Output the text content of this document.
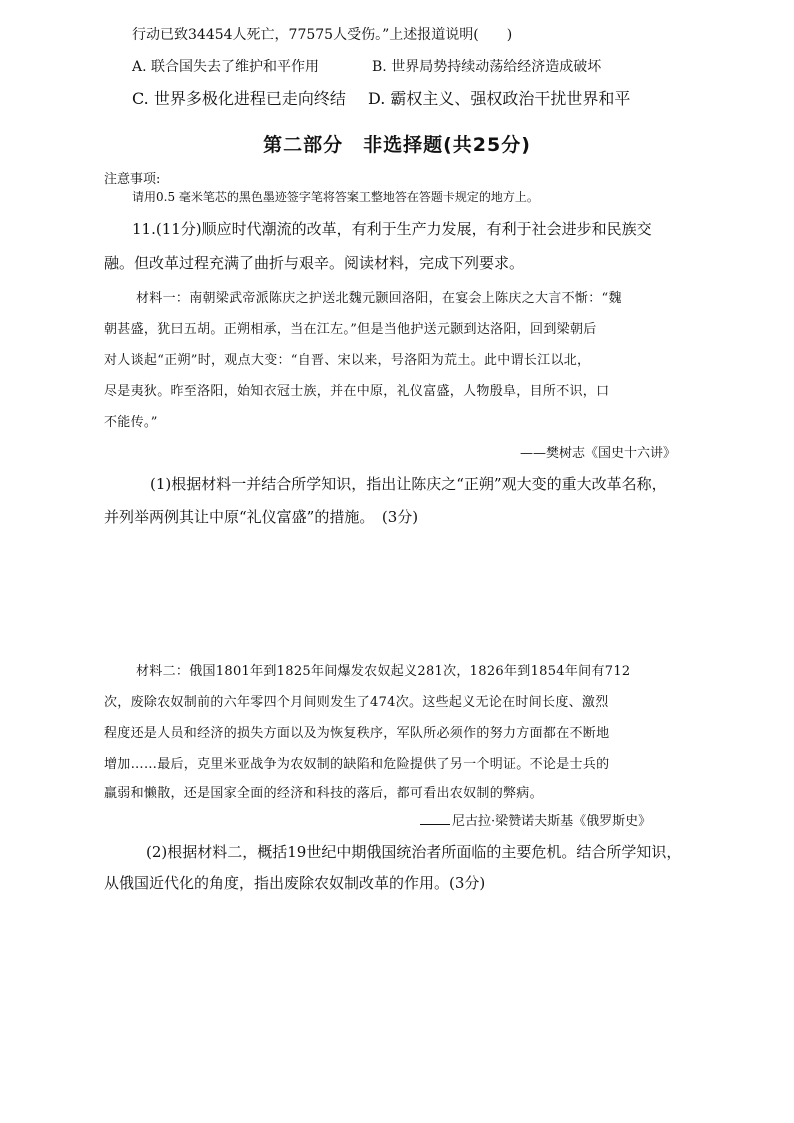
行动已致34454人死亡，77575人受伤。”上述报道说明(　　)
A. 联合国失去了维护和平作用	B. 世界局势持续动荡给经济造成破坏
C. 世界多极化进程已走向终结 D. 霸权主义、强权政治干扰世界和平
第二部分　非选择题(共25分)
注意事项:
请用0.5 毫米笔芯的黑色墨迹签字笔将答案工整地答在答题卡规定的地方上。
11.(11分)顺应时代潮流的改革，有利于生产力发展，有利于社会进步和民族交
融。但改革过程充满了曲折与艰辛。阅读材料，完成下列要求。
材料一：南朝梁武帝派陈庆之护送北魏元颢回洛阳，在宴会上陈庆之大言不惭：“魏
朝甚盛，犹曰五胡。正朔相承，当在江左。”但是当他护送元颢到达洛阳，回到梁朝后
对人谈起“正朔”时，观点大变：“自晋、宋以来，号洛阳为荒土。此中谓长江以北，
尽是夷狄。昨至洛阳，始知衣冠士族，并在中原，礼仪富盛，人物殷阜，目所不识，口
不能传。”
——樊树志《国史十六讲》
(1)根据材料一并结合所学知识，指出让陈庆之“正朔”观大变的重大改革名称，
并列举两例其让中原“礼仪富盛”的措施。　(3分)
材料二：俄国1801年到1825年间爆发农奴起义281次，1826年到1854年间有712
次，废除农奴制前的六年零四个月间则发生了474次。这些起义无论在时间长度、激烈
程度还是人员和经济的损失方面以及为恢复秩序，军队所必须作的努力方面都在不断地
增加……最后，克里米亚战争为农奴制的缺陷和危险提供了另一个明证。不论是士兵的
羸弱和懒散，还是国家全面的经济和科技的落后，都可看出农奴制的弊病。
尼古拉·梁赞诺夫斯基《俄罗斯史》
(2)根据材料二，概括19世纪中期俄国统治者所面临的主要危机。结合所学知识，
从俄国近代化的角度，指出废除农奴制改革的作用。(3分)
